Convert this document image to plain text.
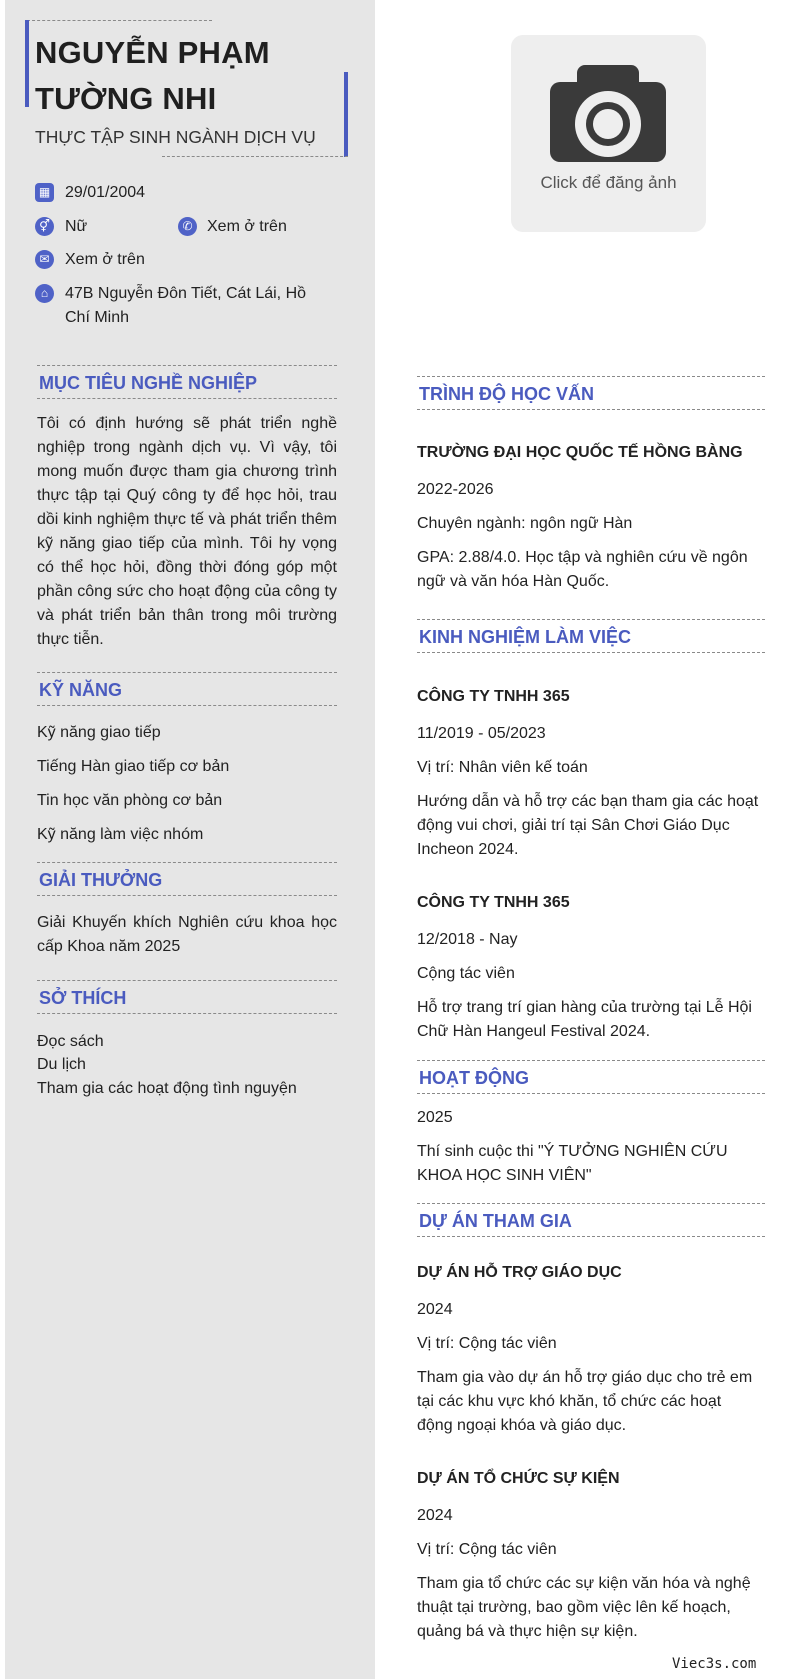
NGUYỄN PHẠM TƯỜNG NHI
THỰC TẬP SINH NGÀNH DỊCH VỤ
▦ 29/01/2004
⚥ Nữ	✆ Xem ở trên
✉ Xem ở trên
⌂	47B Nguyễn Đôn Tiết, Cát Lái, Hồ Chí Minh
MỤC TIÊU NGHỀ NGHIỆP
Tôi có định hướng sẽ phát triển nghề nghiệp trong ngành dịch vụ. Vì vậy, tôi mong muốn được tham gia chương trình thực tập tại Quý công ty để học hỏi, trau dồi kinh nghiệm thực tế và phát triển thêm kỹ năng giao tiếp của mình. Tôi hy vọng có thể học hỏi, đồng thời đóng góp một phần công sức cho hoạt động của công ty và phát triển bản thân trong môi trường thực tiễn.
KỸ NĂNG
Kỹ năng giao tiếp
Tiếng Hàn giao tiếp cơ bản
Tin học văn phòng cơ bản
Kỹ năng làm việc nhóm
GIẢI THƯỞNG
Giải Khuyến khích Nghiên cứu khoa học cấp Khoa năm 2025
SỞ THÍCH
Đọc sách
Du lịch
Tham gia các hoạt động tình nguyện
Click để đăng ảnh
TRÌNH ĐỘ HỌC VẤN
TRƯỜNG ĐẠI HỌC QUỐC TẾ HỒNG BÀNG
2022-2026
Chuyên ngành: ngôn ngữ Hàn
GPA: 2.88/4.0. Học tập và nghiên cứu về ngôn ngữ và văn hóa Hàn Quốc.
KINH NGHIỆM LÀM VIỆC
CÔNG TY TNHH 365
11/2019 - 05/2023
Vị trí: Nhân viên kế toán
Hướng dẫn và hỗ trợ các bạn tham gia các hoạt động vui chơi, giải trí tại Sân Chơi Giáo Dục Incheon 2024.
CÔNG TY TNHH 365
12/2018 - Nay
Cộng tác viên
Hỗ trợ trang trí gian hàng của trường tại Lễ Hội Chữ Hàn Hangeul Festival 2024.
HOẠT ĐỘNG
2025
Thí sinh cuộc thi "Ý TƯỞNG NGHIÊN CỨU KHOA HỌC SINH VIÊN"
DỰ ÁN THAM GIA
DỰ ÁN HỖ TRỢ GIÁO DỤC
2024
Vị trí: Cộng tác viên
Tham gia vào dự án hỗ trợ giáo dục cho trẻ em tại các khu vực khó khăn, tổ chức các hoạt động ngoại khóa và giáo dục.
DỰ ÁN TỔ CHỨC SỰ KIỆN
2024
Vị trí: Cộng tác viên
Tham gia tổ chức các sự kiện văn hóa và nghệ thuật tại trường, bao gồm việc lên kế hoạch, quảng bá và thực hiện sự kiện.
Viec3s.com
